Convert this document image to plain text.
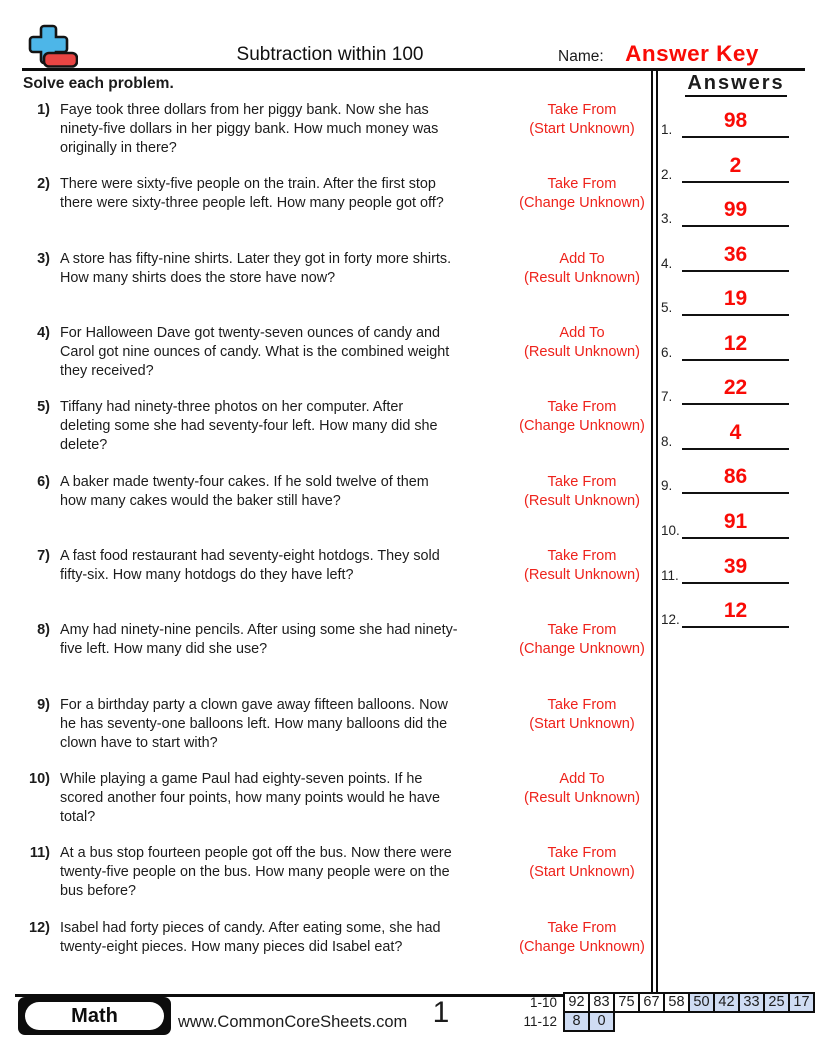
Subtraction within 100	Name: Answer Key
Solve each problem.
1) Faye took three dollars from her piggy bank. Now she has
ninety-five dollars in her piggy bank. How much money was
originally in there?
Take From
(Start Unknown)
2) There were sixty-five people on the train. After the first stop
there were sixty-three people left. How many people got off?
Take From
(Change Unknown)
3) A store has fifty-nine shirts. Later they got in forty more shirts.
How many shirts does the store have now?
Add To
(Result Unknown)
4) For Halloween Dave got twenty-seven ounces of candy and
Carol got nine ounces of candy. What is the combined weight
they received?
Add To
(Result Unknown)
5) Tiffany had ninety-three photos on her computer. After
deleting some she had seventy-four left. How many did she
delete?
Take From
(Change Unknown)
6) A baker made twenty-four cakes. If he sold twelve of them
how many cakes would the baker still have?
Take From
(Result Unknown)
7) A fast food restaurant had seventy-eight hotdogs. They sold
fifty-six. How many hotdogs do they have left?
Take From
(Result Unknown)
8) Amy had ninety-nine pencils. After using some she had ninety-
five left. How many did she use?
Take From
(Change Unknown)
9) For a birthday party a clown gave away fifteen balloons. Now
he has seventy-one balloons left. How many balloons did the
clown have to start with?
Take From
(Start Unknown)
10) While playing a game Paul had eighty-seven points. If he
scored another four points, how many points would he have
total?
Add To
(Result Unknown)
11) At a bus stop fourteen people got off the bus. Now there were
twenty-five people on the bus. How many people were on the
bus before?
Take From
(Start Unknown)
12) Isabel had forty pieces of candy. After eating some, she had
twenty-eight pieces. How many pieces did Isabel eat?
Take From
(Change Unknown)
Answers
Math	www.CommonCoreSheets.com 1	1-10 92 83 75 67 58 50 42 33 25 17
11-12	8	0
1.	98
2.	2
3.	99
4.	36
5.	19
6.	12
7.	22
8.	4
9.	86
10.	91
11.	39
12.	12
